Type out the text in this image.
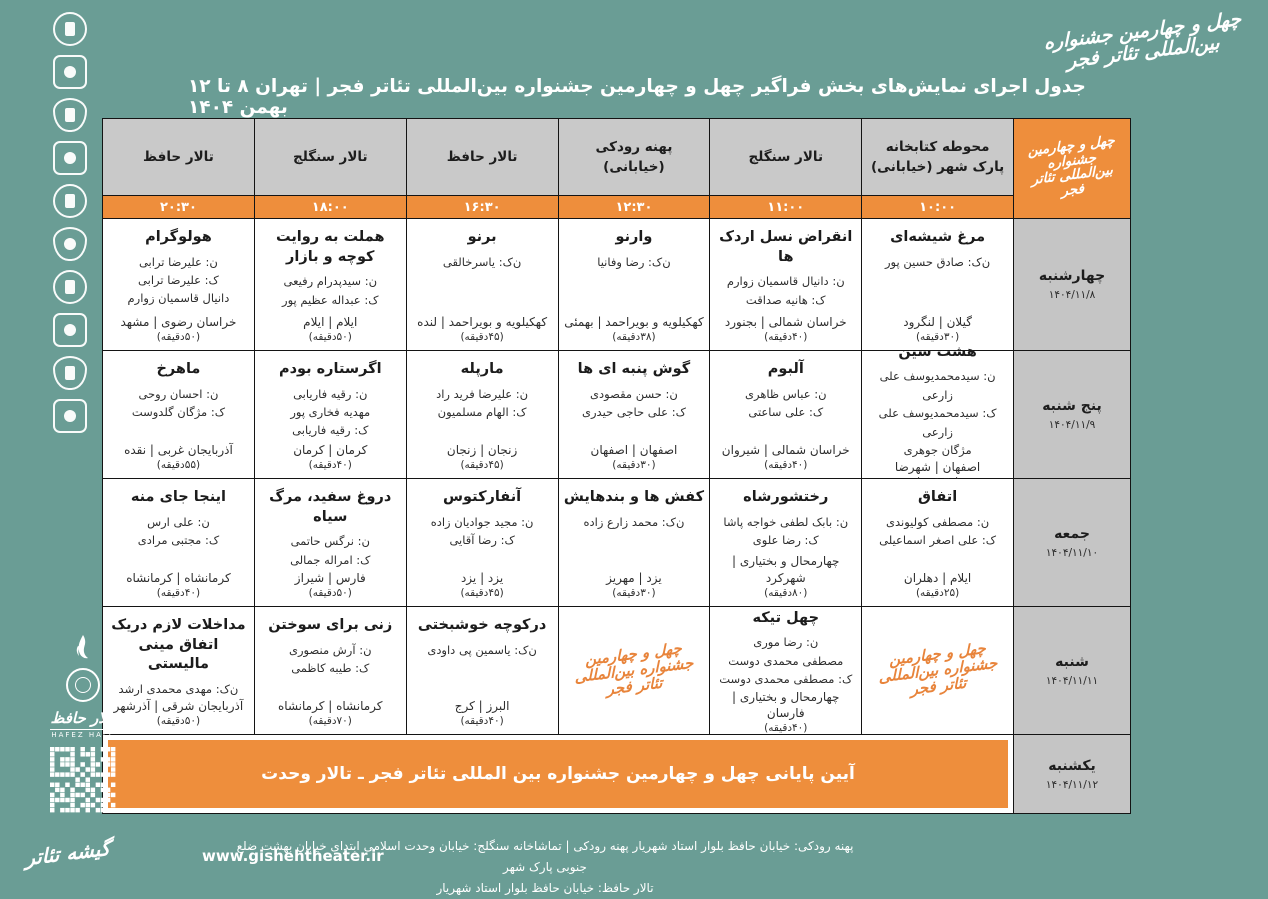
چهل و چهارمین جشنواره بین‌المللی تئاتر فجر
جدول اجرای نمایش‌های بخش فراگیر چهل و چهارمین جشنواره بین‌المللی تئاتر فجر | تهران ۸ تا ۱۲ بهمن ۱۴۰۴
چهل و چهارمین جشنواره بین‌المللی تئاتر فجر
محوطه کتابخانه پارک شهر (خیابانی)
۱۰:۰۰
تالار سنگلج
۱۱:۰۰
پهنه رودکی (خیابانی)
۱۲:۳۰
تالار حافظ
۱۶:۳۰
تالار سنگلج
۱۸:۰۰
تالار حافظ
۲۰:۳۰
چهارشنبه
۱۴۰۴/۱۱/۸
مرغ شیشه‌ای
ن‌ک: صادق حسین پور
گیلان | لنگرود
(۳۰دقیقه)
انقراض نسل اردک ها
ن: دانیال قاسمیان زوارم
ک: هانیه صداقت
خراسان شمالی | بجنورد
(۴۰دقیقه)
وارنو
ن‌ک: رضا وفانیا
کهکیلویه و بویراحمد | بهمئی
(۳۸دقیقه)
برنو
ن‌ک: یاسرخالقی
کهکیلویه و بویراحمد | لنده
(۴۵دقیقه)
هملت به روایت کوچه و بازار
ن: سیدپدرام رفیعی
ک: عبداله عظیم پور
ایلام | ایلام
(۵۰دقیقه)
هولوگرام
ن: علیرضا ترابی
ک: علیرضا ترابی
دانیال قاسمیان زوارم
خراسان رضوی | مشهد
(۵۰دقیقه)
پنج شنبه
۱۴۰۴/۱۱/۹
هشت سین
ن: سیدمحمدیوسف علی زارعی
ک: سیدمحمدیوسف علی زارعی
مژگان جوهری
اصفهان | شهرضا
آلبوم
ن: عباس ظاهری
ک: علی ساعتی
خراسان شمالی | شیروان
(۴۰دقیقه)
گوش پنبه ای ها
ن: حسن مقصودی
ک: علی حاجی حیدری
اصفهان | اصفهان
(۳۰دقیقه)
مارپله
ن: علیرضا فرید راد
ک: الهام مسلمیون
زنجان | زنجان
(۴۵دقیقه)
اگرستاره بودم
ن: رقیه فاریابی
مهدیه فخاری پور
ک: رقیه فاریابی
کرمان | کرمان
(۴۰دقیقه)
ماهرخ
ن: احسان روحی
ک: مژگان گلدوست
آذربایجان غربی | نقده
(۵۵دقیقه)
جمعه
۱۴۰۴/۱۱/۱۰
اتفاق
ن: مصطفی کولیوندی
ک: علی اصغر اسماعیلی
ایلام | دهلران
(۲۵دقیقه)
رختشورشاه
ن: بابک لطفی خواجه پاشا
ک: رضا علوی
چهارمحال و بختیاری | شهرکرد
(۸۰دقیقه)
کفش ها و بندهایش
ن‌ک: محمد زارع زاده
یزد | مهریز
(۳۰دقیقه)
آنفارکتوس
ن: مجید جوادیان زاده
ک: رضا آقایی
یزد | یزد
(۴۵دقیقه)
دروغ سفید، مرگ سیاه
ن: نرگس حاتمی
ک: امراله جمالی
فارس | شیراز
(۵۰دقیقه)
اینجا جای منه
ن: علی ارس
ک: مجتبی مرادی
کرمانشاه | کرمانشاه
(۴۰دقیقه)
شنبه
۱۴۰۴/۱۱/۱۱
چهل و چهارمین جشنواره بین‌المللی تئاتر فجر
چهل تیکه
ن: رضا موری
مصطفی محمدی دوست
ک: مصطفی محمدی دوست
چهارمحال و بختیاری | فارسان
(۴۰دقیقه)
چهل و چهارمین جشنواره بین‌المللی تئاتر فجر
درکوچه خوشبختی
ن‌ک: یاسمین پی داودی
البرز | کرج
(۴۰دقیقه)
زنی برای سوختن
ن: آرش منصوری
ک: طیبه کاظمی
کرمانشاه | کرمانشاه
(۷۰دقیقه)
مداخلات لازم دریک اتفاق مینی مالیستی
ن‌ک: مهدی محمدی ارشد
آذربایجان شرقی | آذرشهر
(۵۰دقیقه)
یکشنبه
۱۴۰۴/۱۱/۱۲
آیین پایانی چهل و چهارمین جشنواره بین المللی تئاتر فجر ـ تالار وحدت
تالار حافظ
HAFEZ HALL
پهنه رودکی: خیابان حافظ بلوار استاد شهریار پهنه رودکی | تماشاخانه سنگلج: خیابان وحدت اسلامی ابتدای خیابان بهشت ضلع جنوبی پارک شهر
تالار حافظ: خیابان حافظ بلوار استاد شهریار
www.gishehtheater.ir
گیشه تئاتر
